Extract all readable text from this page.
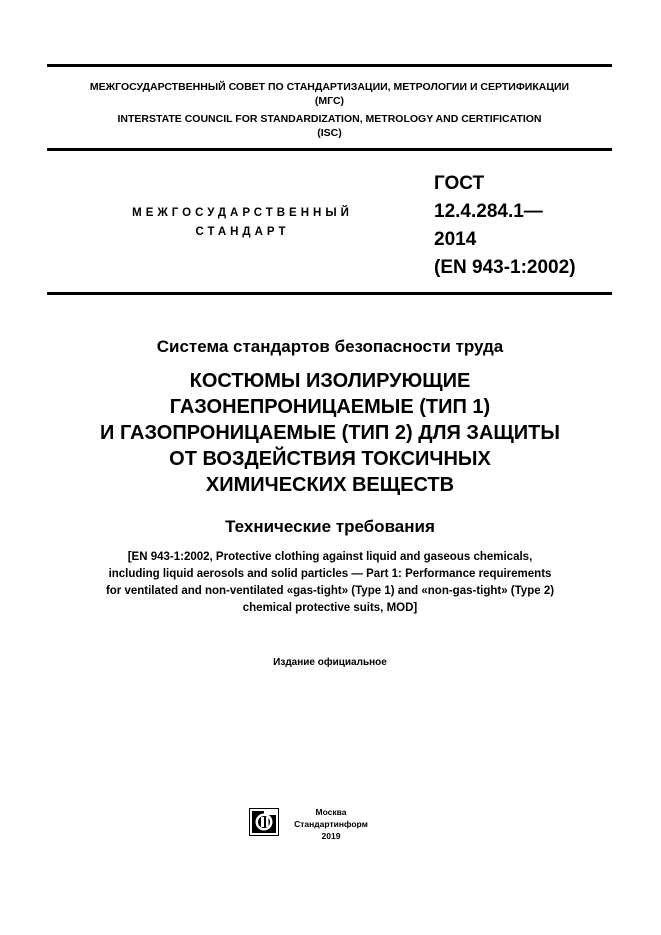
МЕЖГОСУДАРСТВЕННЫЙ СОВЕТ ПО СТАНДАРТИЗАЦИИ, МЕТРОЛОГИИ И СЕРТИФИКАЦИИ
(МГС)
INTERSTATE COUNCIL FOR STANDARDIZATION, METROLOGY AND CERTIFICATION
(ISC)
МЕЖГОСУДАРСТВЕННЫЙ
СТАНДАРТ
ГОСТ
12.4.284.1—
2014
(EN 943-1:2002)
Система стандартов безопасности труда
КОСТЮМЫ ИЗОЛИРУЮЩИЕ
ГАЗОНЕПРОНИЦАЕМЫЕ (ТИП 1)
И ГАЗОПРОНИЦАЕМЫЕ (ТИП 2) ДЛЯ ЗАЩИТЫ
ОТ ВОЗДЕЙСТВИЯ ТОКСИЧНЫХ
ХИМИЧЕСКИХ ВЕЩЕСТВ
Технические требования
[EN 943-1:2002, Protective clothing against liquid and gaseous chemicals,
including liquid aerosols and solid particles — Part 1: Performance requirements
for ventilated and non-ventilated «gas-tight» (Type 1) and «non-gas-tight» (Type 2)
chemical protective suits, MOD]
Издание официальное
Москва
Стандартинформ
2019
